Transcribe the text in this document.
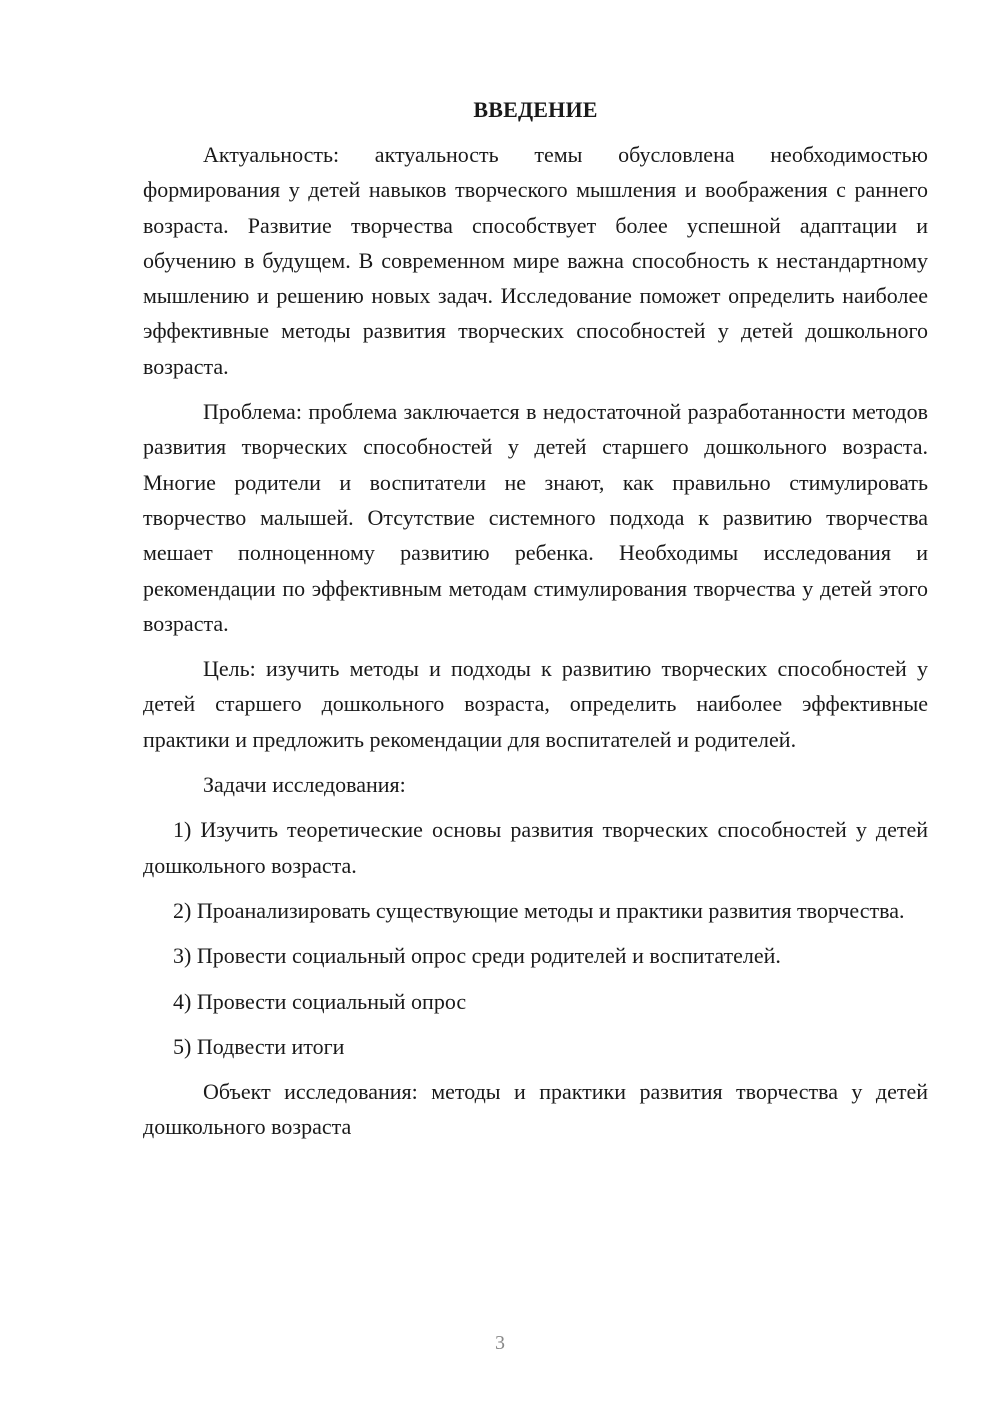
ВВЕДЕНИЕ

Актуальность: актуальность темы обусловлена необходимостью формирования у детей навыков творческого мышления и воображения с раннего возраста. Развитие творчества способствует более успешной адаптации и обучению в будущем. В современном мире важна способность к нестандартному мышлению и решению новых задач. Исследование поможет определить наиболее эффективные методы развития творческих способностей у детей дошкольного возраста.

Проблема: проблема заключается в недостаточной разработанности методов развития творческих способностей у детей старшего дошкольного возраста. Многие родители и воспитатели не знают, как правильно стимулировать творчество малышей. Отсутствие системного подхода к развитию творчества мешает полноценному развитию ребенка. Необходимы исследования и рекомендации по эффективным методам стимулирования творчества у детей этого возраста.

Цель: изучить методы и подходы к развитию творческих способностей у детей старшего дошкольного возраста, определить наиболее эффективные практики и предложить рекомендации для воспитателей и родителей.

Задачи исследования:

1) Изучить теоретические основы развития творческих способностей у детей дошкольного возраста.

2) Проанализировать существующие методы и практики развития творчества.

3) Провести социальный опрос среди родителей и воспитателей.

4) Провести социальный опрос

5) Подвести итоги

Объект исследования: методы и практики развития творчества у детей дошкольного возраста

3
